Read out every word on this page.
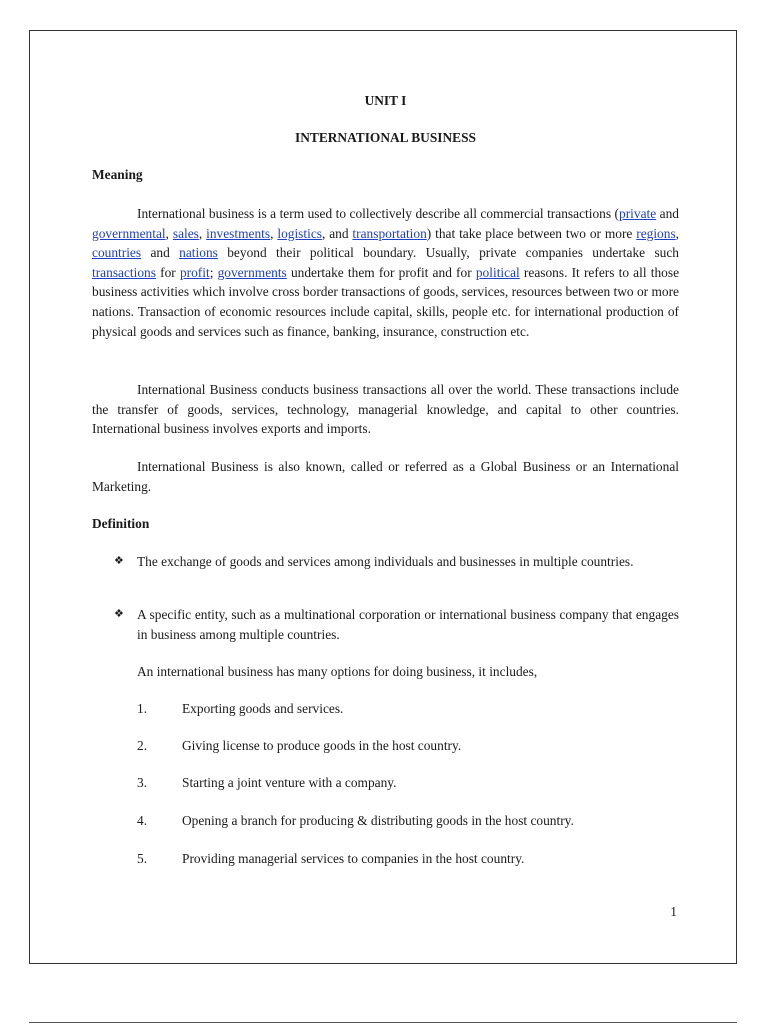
UNIT I

INTERNATIONAL BUSINESS

Meaning

International business is a term used to collectively describe all commercial transactions (private and governmental, sales, investments, logistics, and transportation) that take place between two or more regions, countries and nations beyond their political boundary. Usually, private companies undertake such transactions for profit; governments undertake them for profit and for political reasons. It refers to all those business activities which involve cross border transactions of goods, services, resources between two or more nations. Transaction of economic resources include capital, skills, people etc. for international production of physical goods and services such as finance, banking, insurance, construction etc.

International Business conducts business transactions all over the world. These transactions include the transfer of goods, services, technology, managerial knowledge, and capital to other countries. International business involves exports and imports.

International Business is also known, called or referred as a Global Business or an International Marketing.

Definition

❖ The exchange of goods and services among individuals and businesses in multiple countries.
❖ A specific entity, such as a multinational corporation or international business company that engages in business among multiple countries.

An international business has many options for doing business, it includes,

1.	Exporting goods and services.
2.	Giving license to produce goods in the host country.
3.	Starting a joint venture with a company.
4.	Opening a branch for producing & distributing goods in the host country.
5.	Providing managerial services to companies in the host country.
1
